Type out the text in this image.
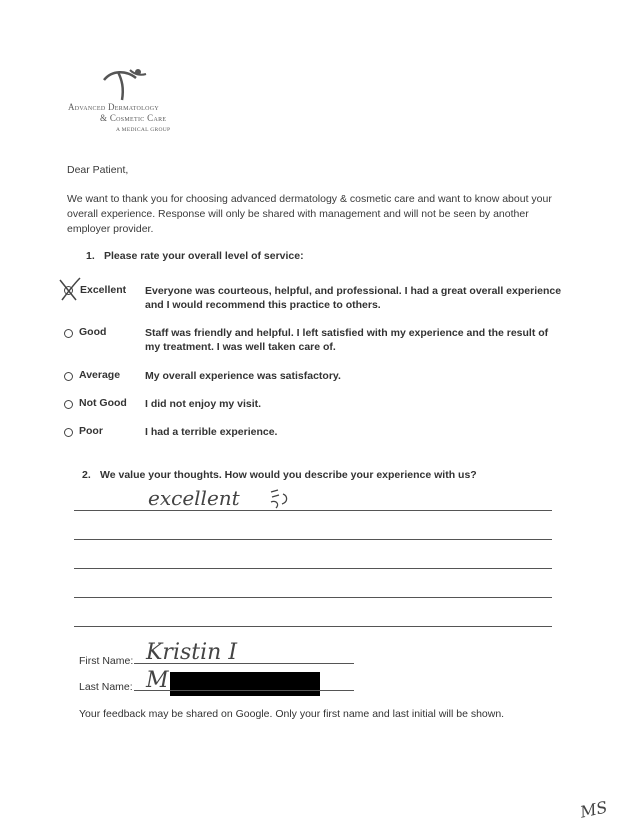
Advanced Dermatology
& Cosmetic Care
A MEDICAL GROUP
Dear Patient,
We want to thank you for choosing advanced dermatology & cosmetic care and want to know about your overall experience. Response will only be shared with management and will not be seen by another employer provider.
1. Please rate your overall level of service:
Excellent Everyone was courteous, helpful, and professional. I had a great overall experience and I would recommend this practice to others.
Good	Staff was friendly and helpful. I left satisfied with my experience and the result of my treatment. I was well taken care of.
Average My overall experience was satisfactory.
Not Good I did not enjoy my visit.
Poor	I had a terrible experience.
2. We value your thoughts. How would you describe your experience with us?
excellent
First Name: Kristin I
Last Name: M
Your feedback may be shared on Google. Only your first name and last initial will be shown.
MS
